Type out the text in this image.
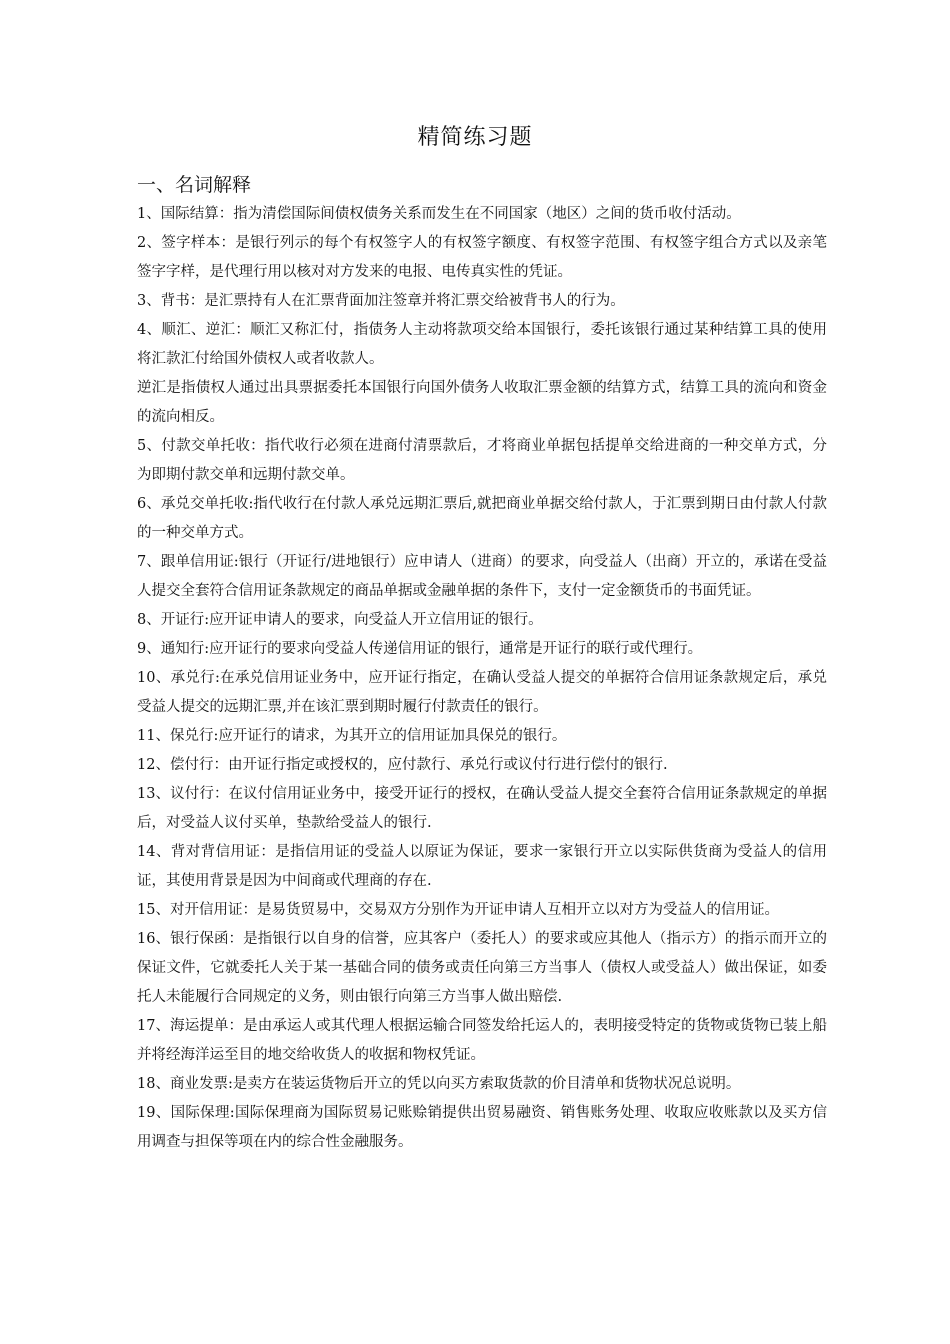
精简练习题
一、名词解释

1、国际结算：指为清偿国际间债权债务关系而发生在不同国家（地区）之间的货币收付活动。

2、签字样本：是银行列示的每个有权签字人的有权签字额度、有权签字范围、有权签字组合方式以及亲笔签字字样，是代理行用以核对对方发来的电报、电传真实性的凭证。

3、背书：是汇票持有人在汇票背面加注签章并将汇票交给被背书人的行为。

4、顺汇、逆汇：顺汇又称汇付，指债务人主动将款项交给本国银行，委托该银行通过某种结算工具的使用将汇款汇付给国外债权人或者收款人。

逆汇是指债权人通过出具票据委托本国银行向国外债务人收取汇票金额的结算方式，结算工具的流向和资金的流向相反。

5、付款交单托收：指代收行必须在进商付清票款后，才将商业单据包括提单交给进商的一种交单方式，分为即期付款交单和远期付款交单。

6、承兑交单托收:指代收行在付款人承兑远期汇票后,就把商业单据交给付款人，于汇票到期日由付款人付款的一种交单方式。

7、跟单信用证:银行（开证行/进地银行）应申请人（进商）的要求，向受益人（出商）开立的，承诺在受益人提交全套符合信用证条款规定的商品单据或金融单据的条件下，支付一定金额货币的书面凭证。

8、开证行:应开证申请人的要求，向受益人开立信用证的银行。

9、通知行:应开证行的要求向受益人传递信用证的银行，通常是开证行的联行或代理行。

10、承兑行:在承兑信用证业务中，应开证行指定，在确认受益人提交的单据符合信用证条款规定后，承兑受益人提交的远期汇票,并在该汇票到期时履行付款责任的银行。

11、保兑行:应开证行的请求，为其开立的信用证加具保兑的银行。

12、偿付行：由开证行指定或授权的，应付款行、承兑行或议付行进行偿付的银行.

13、议付行：在议付信用证业务中，接受开证行的授权，在确认受益人提交全套符合信用证条款规定的单据后，对受益人议付买单，垫款给受益人的银行.

14、背对背信用证：是指信用证的受益人以原证为保证，要求一家银行开立以实际供货商为受益人的信用证，其使用背景是因为中间商或代理商的存在.

15、对开信用证：是易货贸易中，交易双方分别作为开证申请人互相开立以对方为受益人的信用证。

16、银行保函：是指银行以自身的信誉，应其客户（委托人）的要求或应其他人（指示方）的指示而开立的保证文件，它就委托人关于某一基础合同的债务或责任向第三方当事人（债权人或受益人）做出保证，如委托人未能履行合同规定的义务，则由银行向第三方当事人做出赔偿.

17、海运提单：是由承运人或其代理人根据运输合同签发给托运人的，表明接受特定的货物或货物已装上船并将经海洋运至目的地交给收货人的收据和物权凭证。

18、商业发票:是卖方在装运货物后开立的凭以向买方索取货款的价目清单和货物状况总说明。

19、国际保理:国际保理商为国际贸易记账赊销提供出贸易融资、销售账务处理、收取应收账款以及买方信用调查与担保等项在内的综合性金融服务。
